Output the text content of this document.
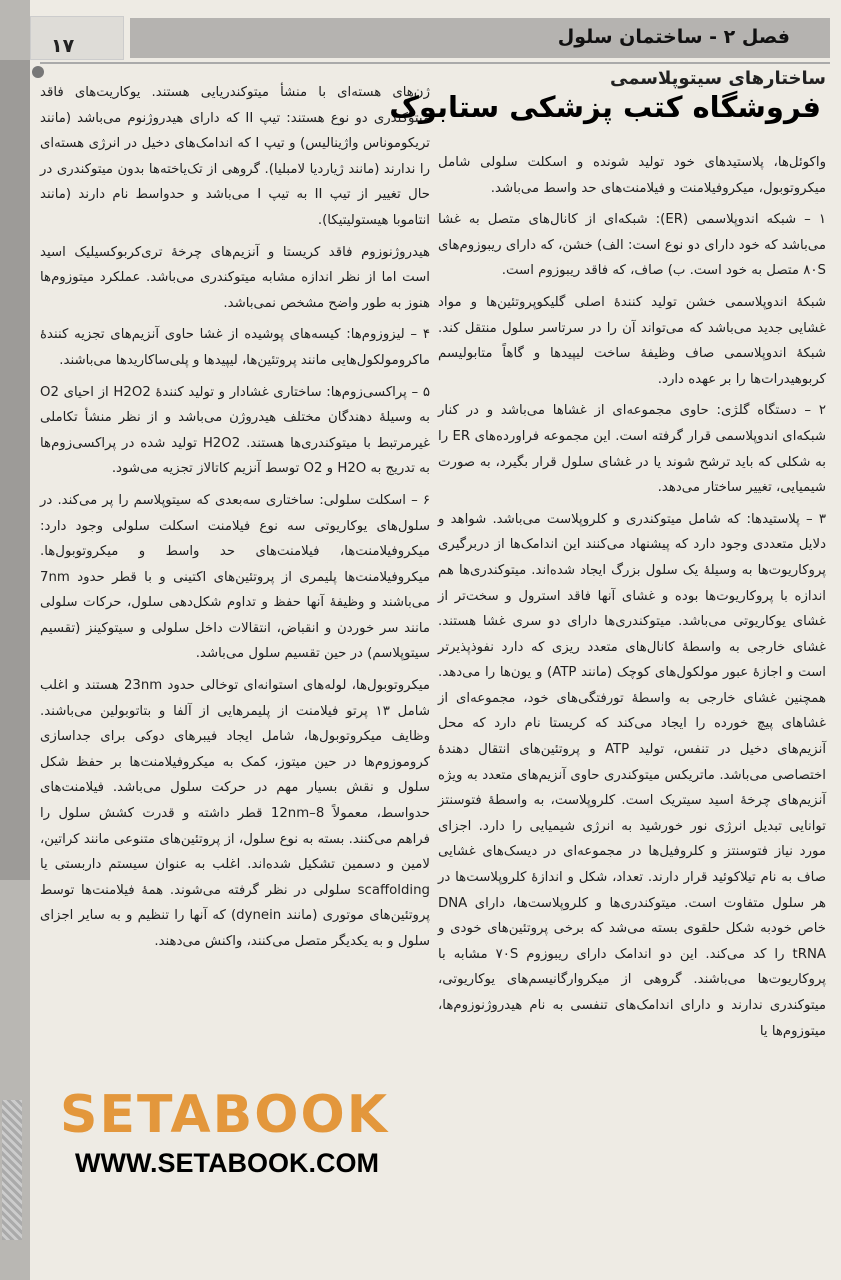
۱۷	فصل ۲ - ساختمان سلول
ساختارهای سیتوپلاسمی

واکوئل‌ها، پلاستیدهای خود تولید شونده و اسکلت سلولی شامل میکروتوبول، میکروفیلامنت و فیلامنت‌های حد واسط می‌باشد.

۱ – شبکه اندوپلاسمی (ER): شبکه‌ای از کانال‌های متصل به غشا می‌باشد که خود دارای دو نوع است: الف) خشن، که دارای ریبوزوم‌های ۸۰S متصل به خود است. ب) صاف، که فاقد ریبوزوم است.

شبکهٔ اندوپلاسمی خشن تولید کنندهٔ اصلی گلیکوپروتئین‌ها و مواد غشایی جدید می‌باشد که می‌تواند آن را در سرتاسر سلول منتقل کند. شبکهٔ اندوپلاسمی صاف وظیفهٔ ساخت لیپیدها و گاهاً متابولیسم کربوهیدرات‌ها را بر عهده دارد.

۲ – دستگاه گلژی: حاوی مجموعه‌ای از غشاها می‌باشد و در کنار شبکه‌ای اندوپلاسمی قرار گرفته است. این مجموعه فراورده‌های ER را به شکلی که باید ترشح شوند یا در غشای سلول قرار بگیرد، به صورت شیمیایی، تغییر ساختار می‌دهد.

۳ – پلاستیدها: که شامل میتوکندری و کلروپلاست می‌باشد. شواهد و دلایل متعددی وجود دارد که پیشنهاد می‌کنند این اندامک‌ها از دربرگیری پروکاریوت‌ها به وسیلهٔ یک سلول بزرگ ایجاد شده‌اند. میتوکندری‌ها هم اندازه با پروکاریوت‌ها بوده و غشای آنها فاقد استرول و سخت‌تر از غشای یوکاریوتی می‌باشد. میتوکندری‌ها دارای دو سری غشا هستند. غشای خارجی به واسطهٔ کانال‌های متعدد ریزی که دارد نفوذپذیرتر است و اجازهٔ عبور مولکول‌های کوچک (مانند ATP) و یون‌ها را می‌دهد. همچنین غشای خارجی به واسطهٔ تورفتگی‌های خود، مجموعه‌ای از غشاهای پیچ خورده را ایجاد می‌کند که کریستا نام دارد که محل آنزیم‌های دخیل در تنفس، تولید ATP و پروتئین‌های انتقال دهندهٔ اختصاصی می‌باشد. ماتریکس میتوکندری حاوی آنزیم‌های متعدد به ویژه آنزیم‌های چرخهٔ اسید سیتریک است. کلروپلاست، به واسطهٔ فتوسنتز توانایی تبدیل انرژی نور خورشید به انرژی شیمیایی را دارد. اجزای مورد نیاز فتوسنتز و کلروفیل‌ها در مجموعه‌ای در دیسک‌های غشایی صاف به نام تیلاکوئید قرار دارند. تعداد، شکل و اندازهٔ کلروپلاست‌ها در هر سلول متفاوت است. میتوکندری‌ها و کلروپلاست‌ها، دارای DNA خاص خودبه شکل حلقوی بسته می‌شد که برخی پروتئین‌های خودی و tRNA را کد می‌کند. این دو اندامک دارای ریبوزوم ۷۰S مشابه با پروکاریوت‌ها می‌باشند. گروهی از میکروارگانیسم‌های یوکاریوتی، میتوکندری ندارند و دارای اندامک‌های تنفسی به نام هیدروژنوزوم‌ها، میتوزوم‌ها یا

ژن‌های هسته‌ای با منشأ میتوکندریایی هستند. یوکاریت‌های فاقد میتوکندری دو نوع هستند: تیپ II که دارای هیدروژنوم می‌باشد (مانند تریکوموناس واژینالیس) و تیپ I که اندامک‌های دخیل در انرژی هسته‌ای را ندارند (مانند ژیاردیا لامبلیا). گروهی از تک‌یاخته‌ها بدون میتوکندری در حال تغییر از تیپ II به تیپ I می‌باشد و حدواسط نام دارند (مانند انتاموبا هیستولیتیکا).

هیدروژنوزوم فاقد کریستا و آنزیم‌های چرخهٔ تری‌کربوکسیلیک اسید است اما از نظر اندازه مشابه میتوکندری می‌باشد. عملکرد میتوزوم‌ها هنوز به طور واضح مشخص نمی‌باشد.

۴ – لیزوزوم‌ها: کیسه‌های پوشیده از غشا حاوی آنزیم‌های تجزیه کنندهٔ ماکرومولکول‌هایی مانند پروتئین‌ها، لیپیدها و پلی‌ساکاریدها می‌باشند.

۵ – پراکسی‌زوم‌ها: ساختاری غشادار و تولید کنندهٔ H2O2 از احیای O2 به وسیلهٔ دهندگان مختلف هیدروژن می‌باشد و از نظر منشأ تکاملی غیرمرتبط با میتوکندری‌ها هستند. H2O2 تولید شده در پراکسی‌زوم‌ها به تدریج به H2O و O2 توسط آنزیم کاتالاز تجزیه می‌شود.

۶ – اسکلت سلولی: ساختاری سه‌بعدی که سیتوپلاسم را پر می‌کند. در سلول‌های یوکاریوتی سه نوع فیلامنت اسکلت سلولی وجود دارد: میکروفیلامنت‌ها، فیلامنت‌های حد واسط و میکروتوبول‌ها. میکروفیلامنت‌ها پلیمری از پروتئین‌های اکتینی و با قطر حدود 7nm می‌باشند و وظیفهٔ آنها حفظ و تداوم شکل‌دهی سلول، حرکات سلولی مانند سر خوردن و انقباض، انتقالات داخل سلولی و سیتوکینز (تقسیم سیتوپلاسم) در حین تقسیم سلول می‌باشد.

میکروتوبول‌ها، لوله‌های استوانه‌ای توخالی حدود 23nm هستند و اغلب شامل ۱۳ پرتو فیلامنت از پلیمرهایی از آلفا و بتاتوبولین می‌باشند. وظایف میکروتوبول‌ها، شامل ایجاد فیبرهای دوکی برای جداسازی کروموزوم‌ها در حین میتوز، کمک به میکروفیلامنت‌ها بر حفظ شکل سلول و نقش بسیار مهم در حرکت سلول می‌باشد. فیلامنت‌های حدواسط، معمولاً 8–12nm قطر داشته و قدرت کشش سلول را فراهم می‌کنند. بسته به نوع سلول، از پروتئین‌های متنوعی مانند کراتین، لامین و دسمین تشکیل شده‌اند. اغلب به عنوان سیستم داربستی یا scaffolding سلولی در نظر گرفته می‌شوند. همهٔ فیلامنت‌ها توسط پروتئین‌های موتوری (مانند dynein) که آنها را تنظیم و به سایر اجزای سلول و به یکدیگر متصل می‌کنند، واکنش می‌دهند.

فروشگاه کتب پزشکی ستابوک
SETABOOK
WWW.SETABOOK.COM
